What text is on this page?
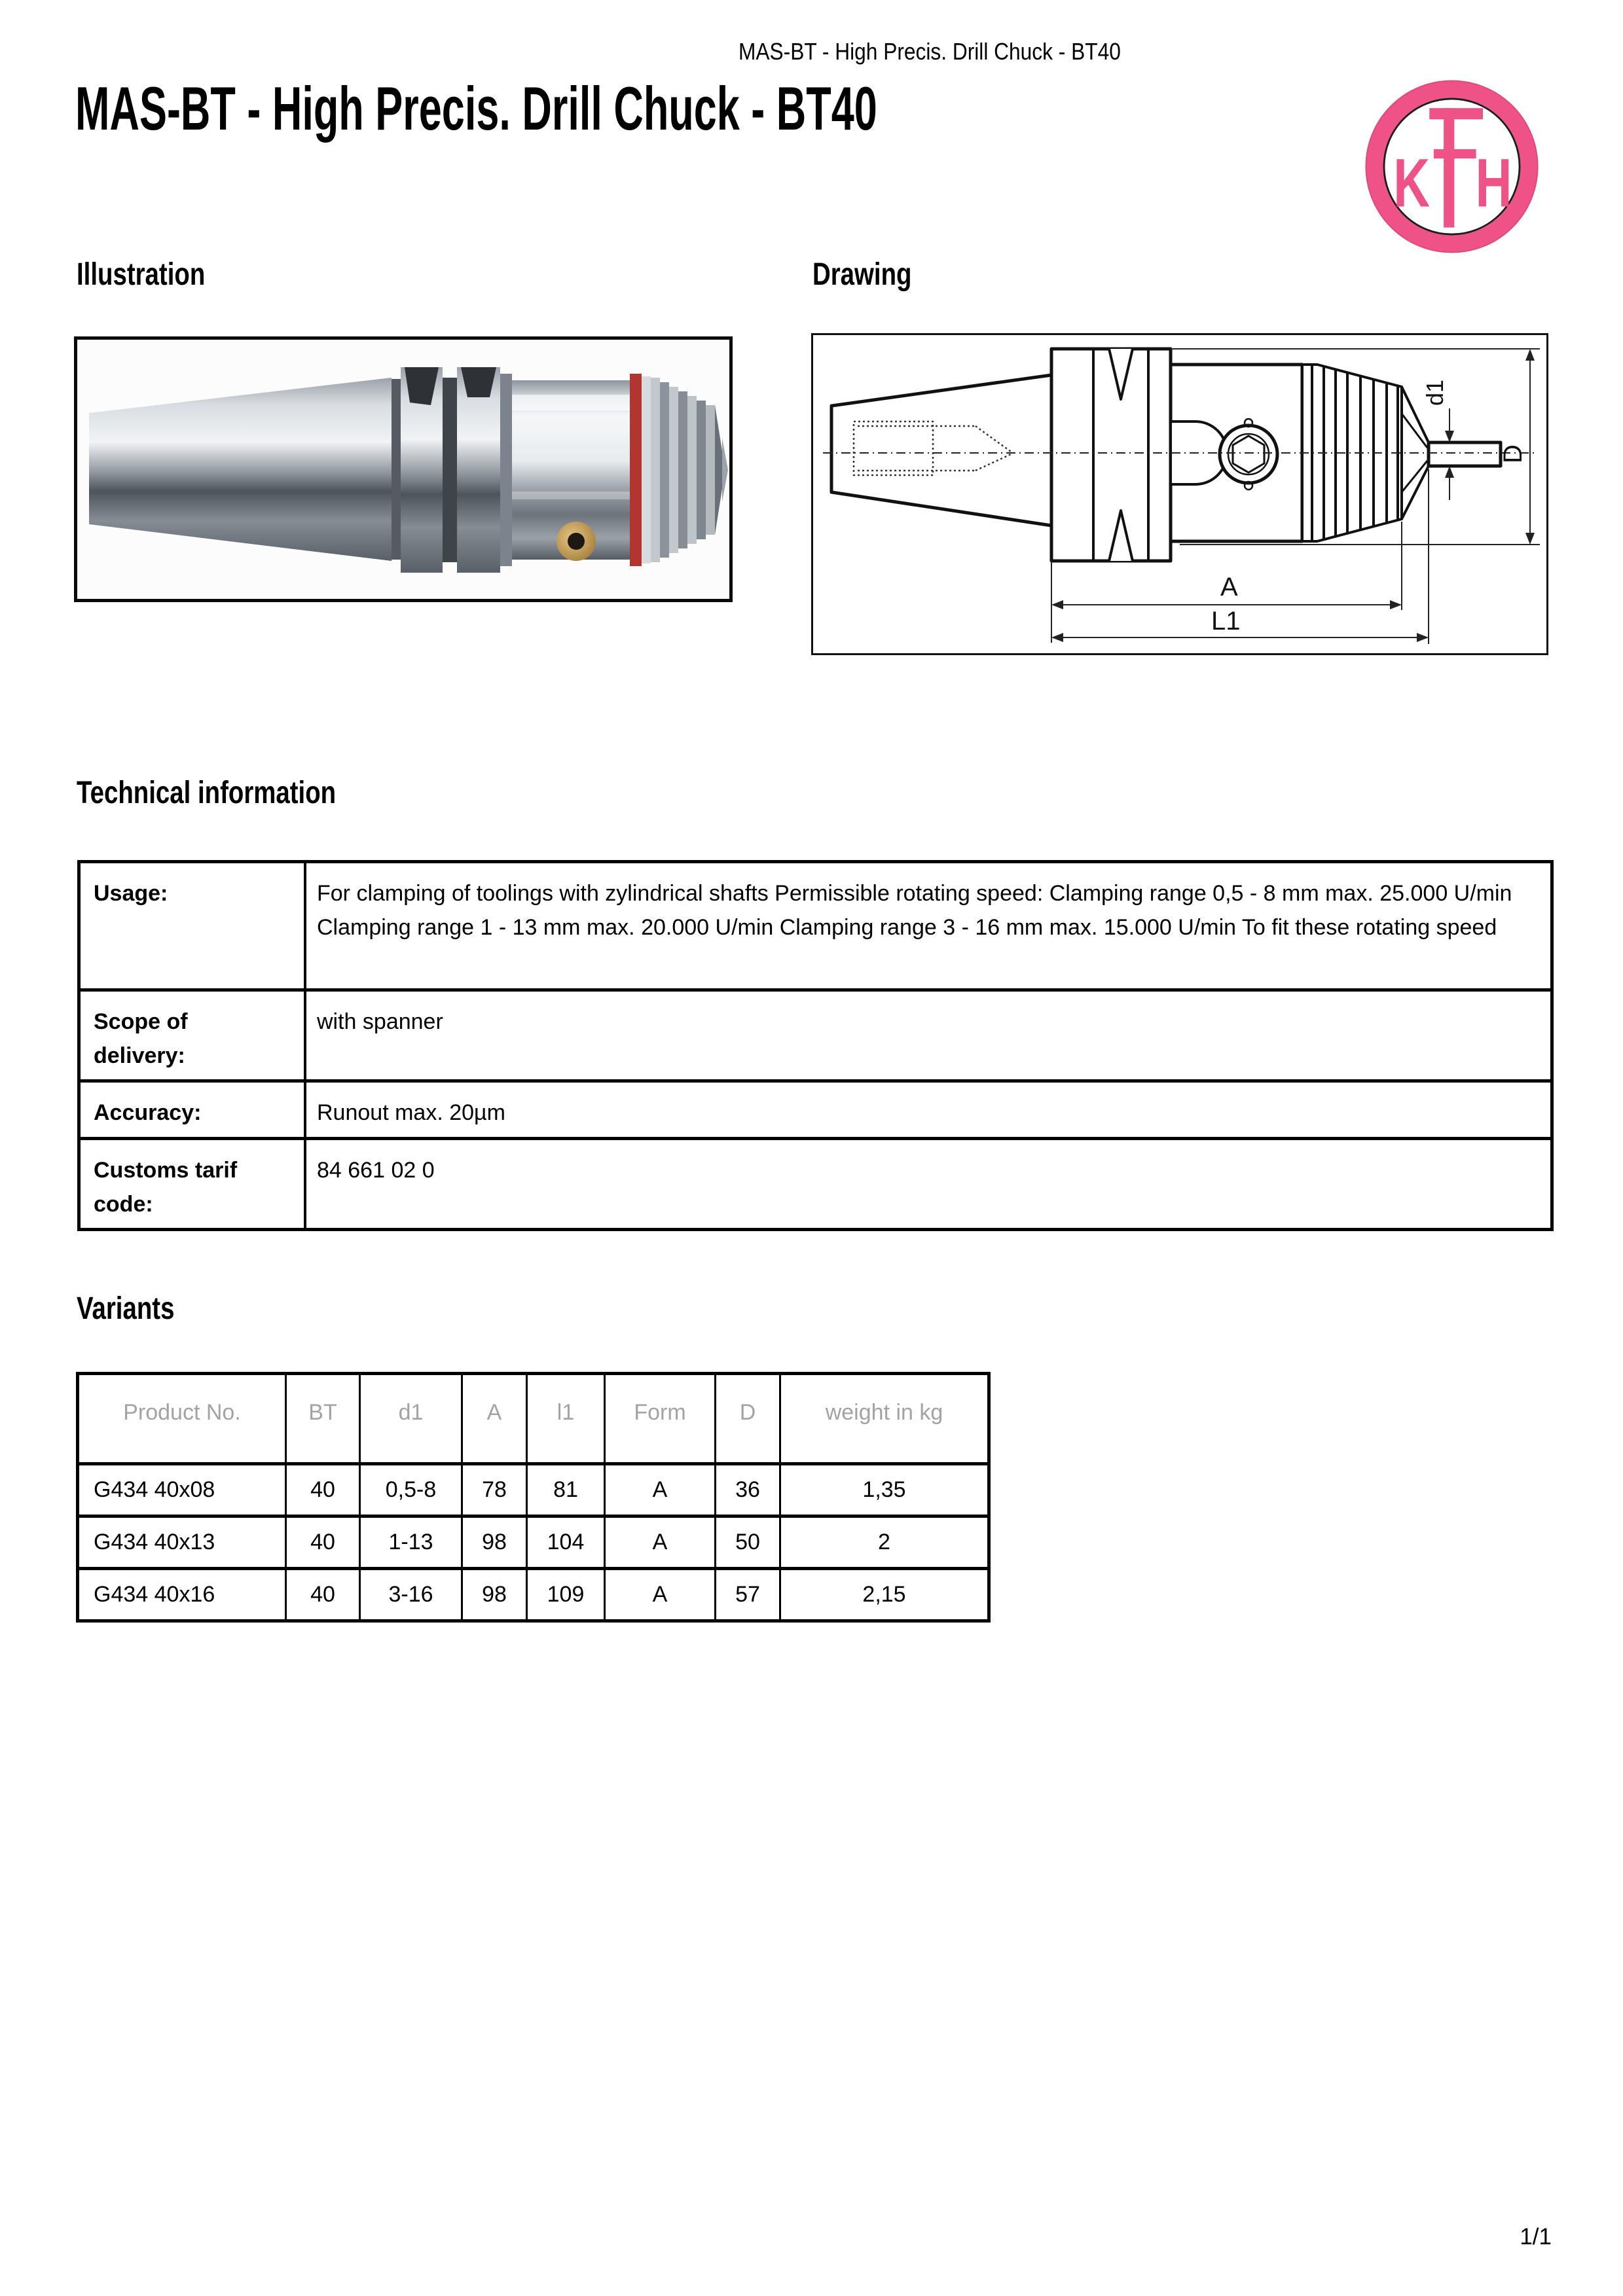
MAS-BT - High Precis. Drill Chuck - BT40
MAS-BT - High Precis. Drill Chuck - BT40
K H
Illustration	Drawing
A
L1
d1
D
Technical information
Usage:	For clamping of toolings with zylindrical shafts Permissible rotating speed: Clamping range 0,5 - 8 mm max. 25.000 U/min Clamping range 1 - 13 mm max. 20.000 U/min Clamping range 3 - 16 mm max. 15.000 U/min To fit these rotating speed
Scope of delivery:	with spanner
Accuracy:	Runout max. 20µm
Customs tarif code:	84 661 02 0
Variants
Product No.	BT	d1	A	l1	Form	D	weight in kg
G434 40x08	40	0,5-8	78	81	A	36	1,35
G434 40x13	40	1-13	98	104	A	50	2
G434 40x16	40	3-16	98	109	A	57	2,15
1/1
